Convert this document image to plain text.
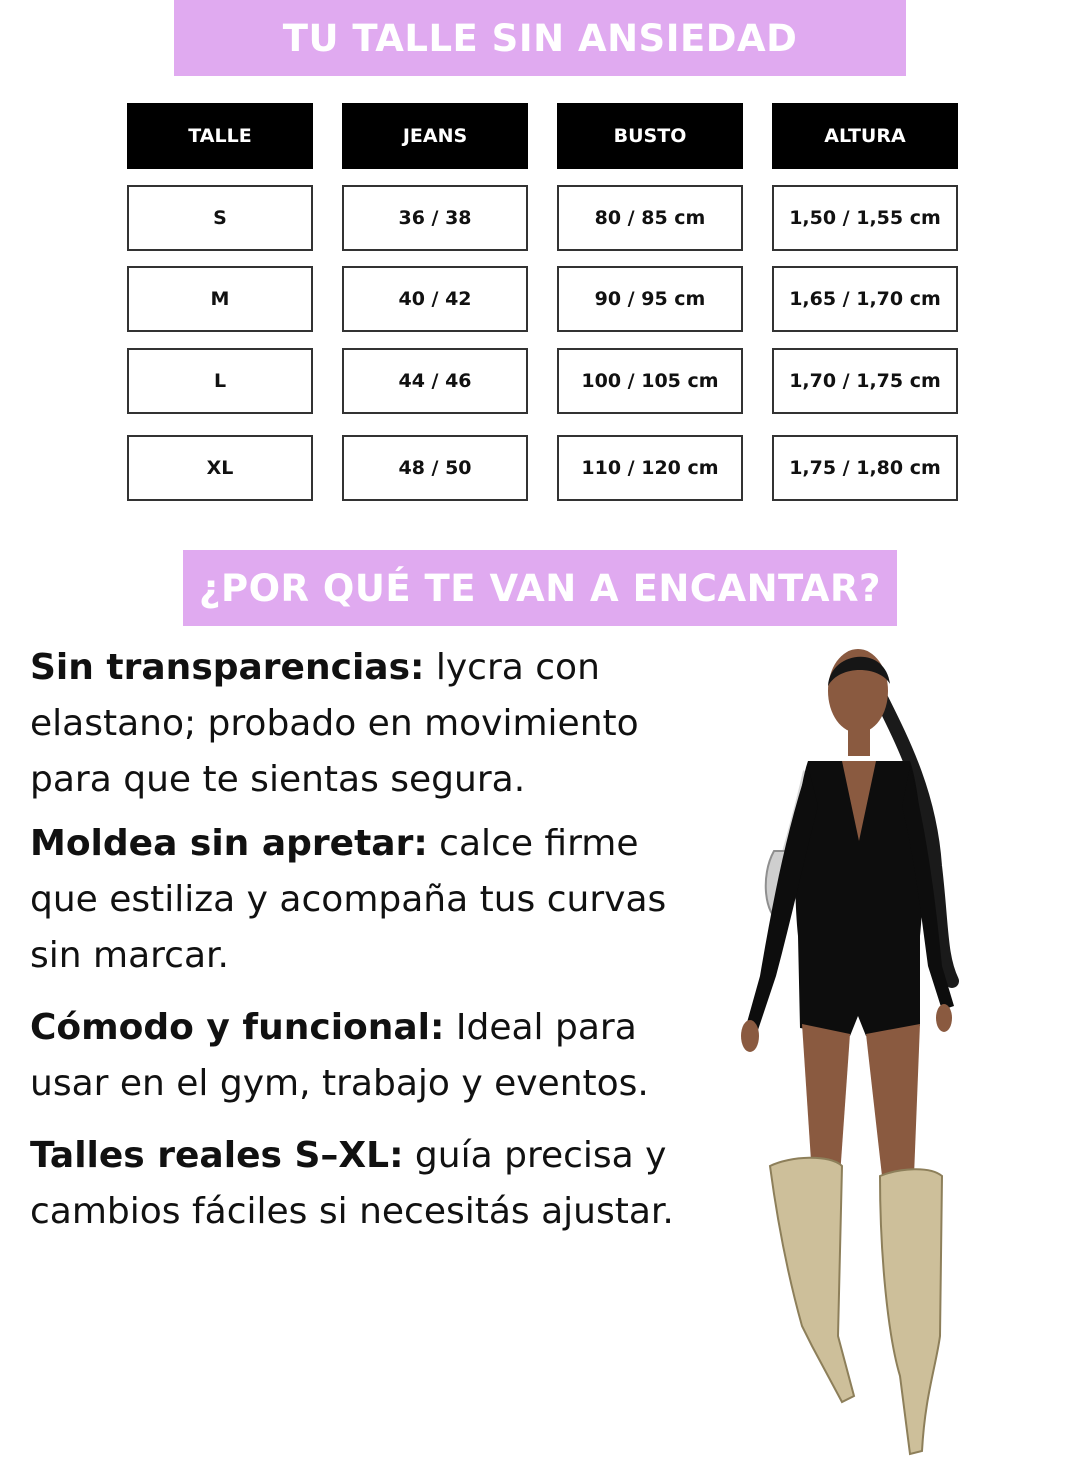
TU TALLE SIN ANSIEDAD
TALLE	JEANS	BUSTO	ALTURA
S	36 / 38	80 / 85 cm	1,50 / 1,55 cm
M	40 / 42	90 / 95 cm	1,65 / 1,70 cm
L	44 / 46	100 / 105 cm	1,70 / 1,75 cm
XL	48 / 50	110 / 120 cm	1,75 / 1,80 cm
¿POR QUÉ TE VAN A ENCANTAR?

Sin transparencias: lycra con elastano; probado en movimiento para que te sientas segura.

Moldea sin apretar: calce firme que estiliza y acompaña tus curvas sin marcar.

Cómodo y funcional: Ideal para usar en el gym, trabajo y eventos.

Talles reales S–XL: guía precisa y cambios fáciles si necesitás ajustar.
